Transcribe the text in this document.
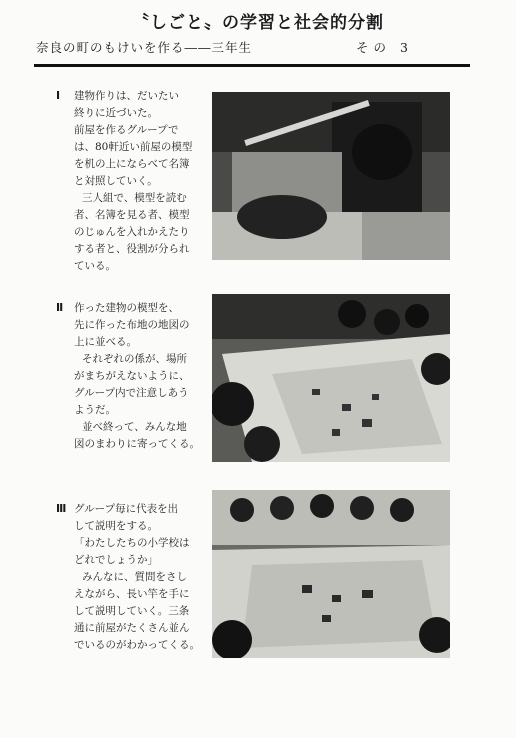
〝しごと〟の学習と社会的分割
奈良の町のもけいを作る――三年生	その 3
Ⅰ	建物作りは、だいたい
終りに近づいた。
前屋を作るグループで
は、80軒近い前屋の模型
を机の上にならべて名簿
と対照していく。
三人組で、模型を読む
者、名簿を見る者、模型
のじゅんを入れかえたり
する者と、役割が分られ
ている。
Ⅱ	作った建物の模型を、
先に作った布地の地図の
上に並べる。
それぞれの係が、場所
がまちがえないように、
グループ内で注意しあう
ようだ。
並べ終って、みんな地
図のまわりに寄ってくる。
Ⅲ グループ毎に代表を出
して説明をする。
「わたしたちの小学校は
どれでしょうか」
みんなに、質問をさし
えながら、長い竿を手に
して説明していく。三条
通に前屋がたくさん並ん
でいるのがわかってくる。
